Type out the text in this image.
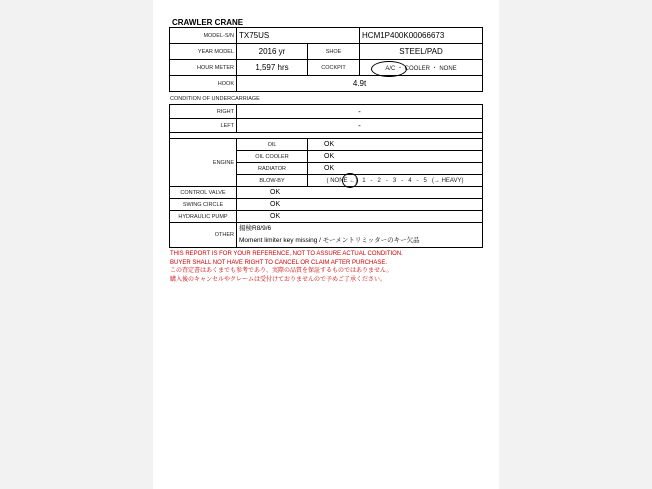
CRAWLER CRANE
MODEL-S/N	TX75US		HCM1P400K00066673
YEAR MODEL	2016 yr	SHOE	STEEL/PAD
HOUR METER	1,597 hrs	COCKPIT	A/C ・ COOLER ・ NONE
HOOK	4.9t		
CONDITION OF UNDERCARRIAGE
RIGHT	-	
LEFT	-	

ENGINE	OIL	OK
	OIL COOLER	OK
	RADIATOR	OK
	BLOW-BY	( NONE ←)   1   -   2   -   3   -   4   -   5   (→ HEAVY)
CONTROL VALVE	OK	
SWING CIRCLE	OK	
HYDRAULIC PUMP	OK	
OTHER	揚検R8/9/6
Moment limiter key missing / モーメントリミッターのキー欠品	
THIS REPORT IS FOR YOUR REFERENCE, NOT TO ASSURE ACTUAL CONDITION.
BUYER SHALL NOT HAVE RIGHT TO CANCEL OR CLAIM AFTER PURCHASE.
この査定書はあくまでも参考であり、実際の品質を保証するものではありません。
購入後のキャンセルやクレームは受付けておりませんので予めご了承ください。
